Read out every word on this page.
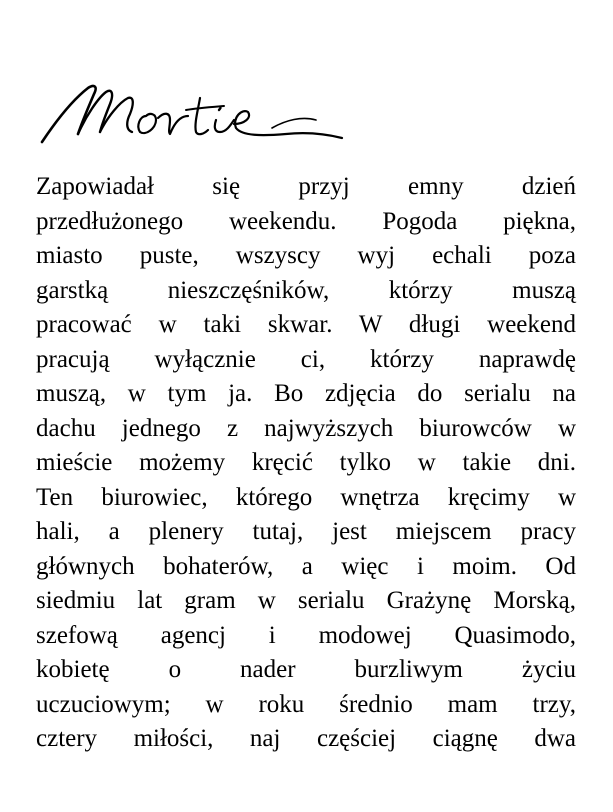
Zapowiadał się przyj emny dzień
przedłużonego weekendu. Pogoda piękna,
miasto puste, wszyscy wyj echali poza
garstką nieszczęśników, którzy muszą
pracować w taki skwar. W długi weekend
pracują wyłącznie ci, którzy naprawdę
muszą, w tym ja. Bo zdjęcia do serialu na
dachu jednego z najwyższych biurowców w
mieście możemy kręcić tylko w takie dni.
Ten biurowiec, którego wnętrza kręcimy w
hali, a plenery tutaj, jest miejscem pracy
głównych bohaterów, a więc i moim. Od
siedmiu lat gram w serialu Grażynę Morską,
szefową agencj i modowej Quasimodo,
kobietę o nader burzliwym życiu
uczuciowym; w roku średnio mam trzy,
cztery miłości, naj częściej ciągnę dwa
